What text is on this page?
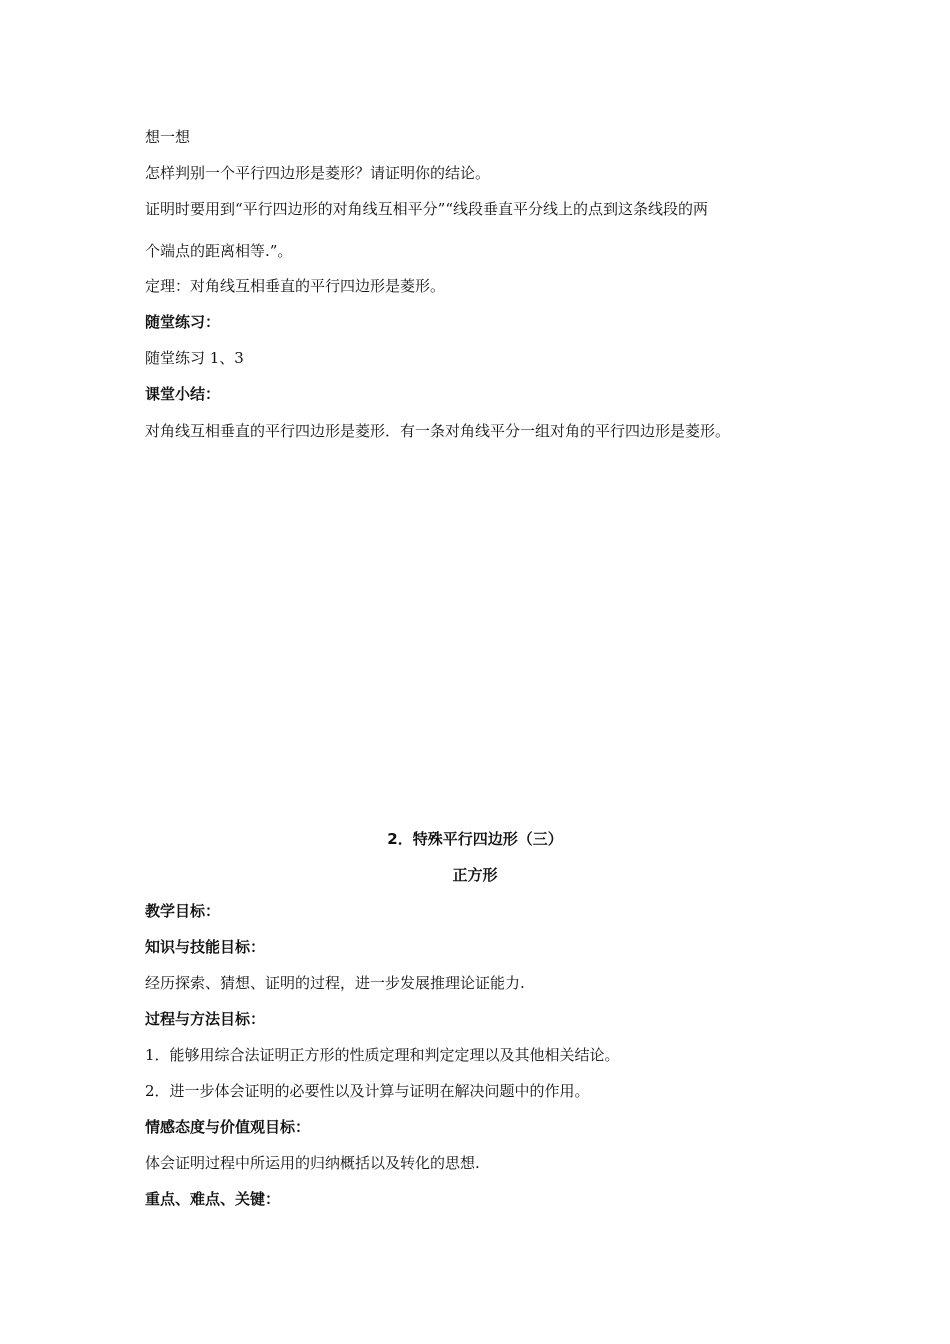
想一想
怎样判别一个平行四边形是菱形？请证明你的结论。
证明时要用到“平行四边形的对角线互相平分”“线段垂直平分线上的点到这条线段的两
个端点的距离相等.”。
定理：对角线互相垂直的平行四边形是菱形。
随堂练习：
随堂练习 1、3
课堂小结：
对角线互相垂直的平行四边形是菱形．有一条对角线平分一组对角的平行四边形是菱形。
2．特殊平行四边形（三）
正方形
教学目标：
知识与技能目标：
经历探索、猜想、证明的过程，进一步发展推理论证能力.
过程与方法目标：
1．能够用综合法证明正方形的性质定理和判定定理以及其他相关结论。
2．进一步体会证明的必要性以及计算与证明在解决问题中的作用。
情感态度与价值观目标：
体会证明过程中所运用的归纳概括以及转化的思想.
重点、难点、关键：
